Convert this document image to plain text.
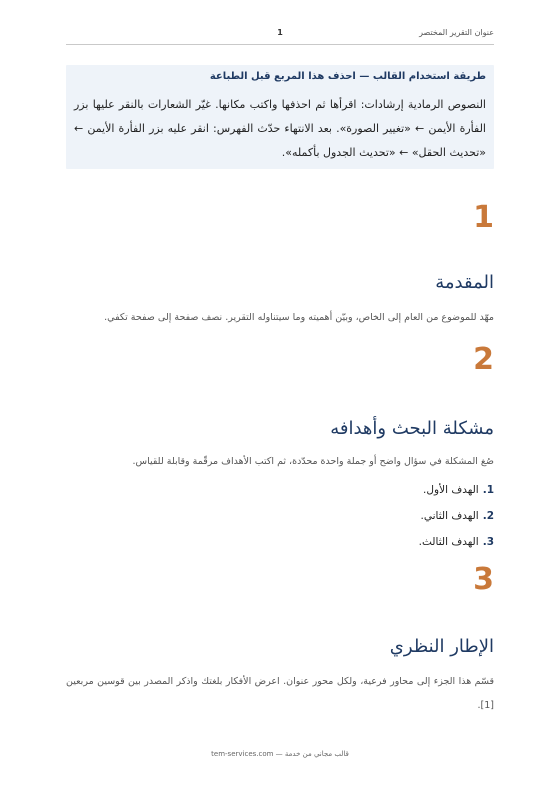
عنوان التقرير المختصر
1
طريقة استخدام القالب — احذف هذا المربع قبل الطباعة
النصوص الرمادية إرشادات: اقرأها ثم احذفها واكتب مكانها. غيّر الشعارات بالنقر عليها بزر الفأرة الأيمن ← «تغيير الصورة». بعد الانتهاء حدّث الفهرس: انقر عليه بزر الفأرة الأيمن ← «تحديث الحقل» ← «تحديث الجدول بأكمله».
1
المقدمة
مهّد للموضوع من العام إلى الخاص، وبيّن أهميته وما سيتناوله التقرير. نصف صفحة إلى صفحة تكفي.
2
مشكلة البحث وأهدافه
صُغ المشكلة في سؤال واضح أو جملة واحدة محدّدة، ثم اكتب الأهداف مرقّمة وقابلة للقياس.
1.الهدف الأول.
2.الهدف الثاني.
3.الهدف الثالث.
3
الإطار النظري
قسّم هذا الجزء إلى محاور فرعية، ولكل محور عنوان. اعرض الأفكار بلغتك واذكر المصدر بين قوسين مربعين [1].
tem-services.com — قالب مجاني من خدمة
